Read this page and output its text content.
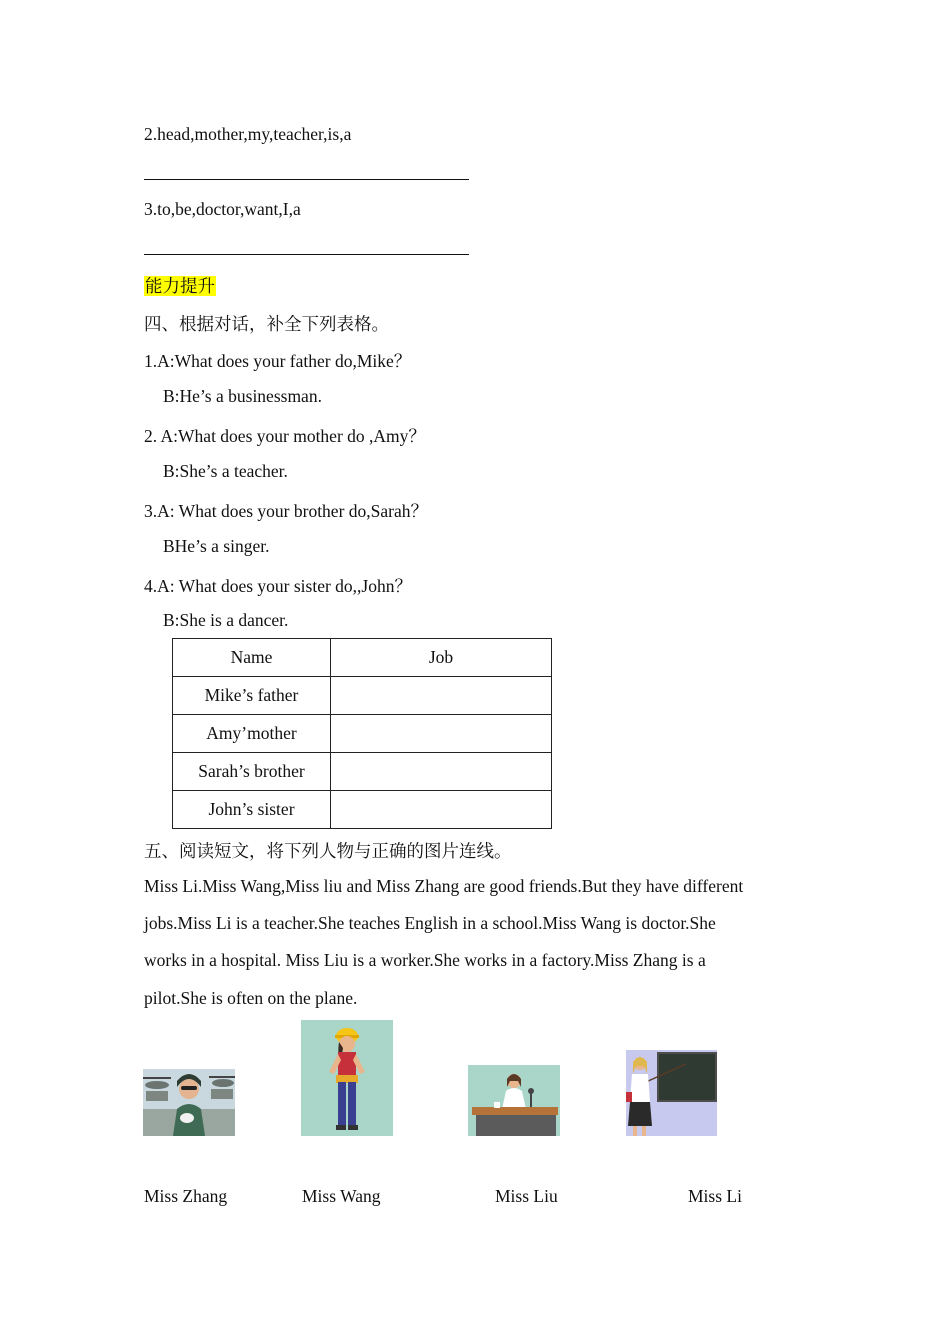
2.head,mother,my,teacher,is,a
3.to,be,doctor,want,I,a
能力提升
四、根据对话，补全下列表格。
1.A:What does your father do,Mike？
B:He’s a businessman.
2. A:What does your mother do ,Amy？
B:She’s a teacher.
3.A: What does your brother do,Sarah？
BHe’s a singer.
4.A: What does your sister do,,John？
B:She is a dancer.
Name	Job
Mike’s father	
Amy’mother	
Sarah’s brother	
John’s sister	
五、阅读短文，将下列人物与正确的图片连线。
Miss Li.Miss Wang,Miss liu and Miss Zhang are good friends.But they have different
jobs.Miss Li is a teacher.She teaches English in a school.Miss Wang is doctor.She
works in a hospital. Miss Liu is a worker.She works in a factory.Miss Zhang is a
pilot.She is often on the plane.
Miss Zhang	Miss Wang	Miss Liu	Miss Li
